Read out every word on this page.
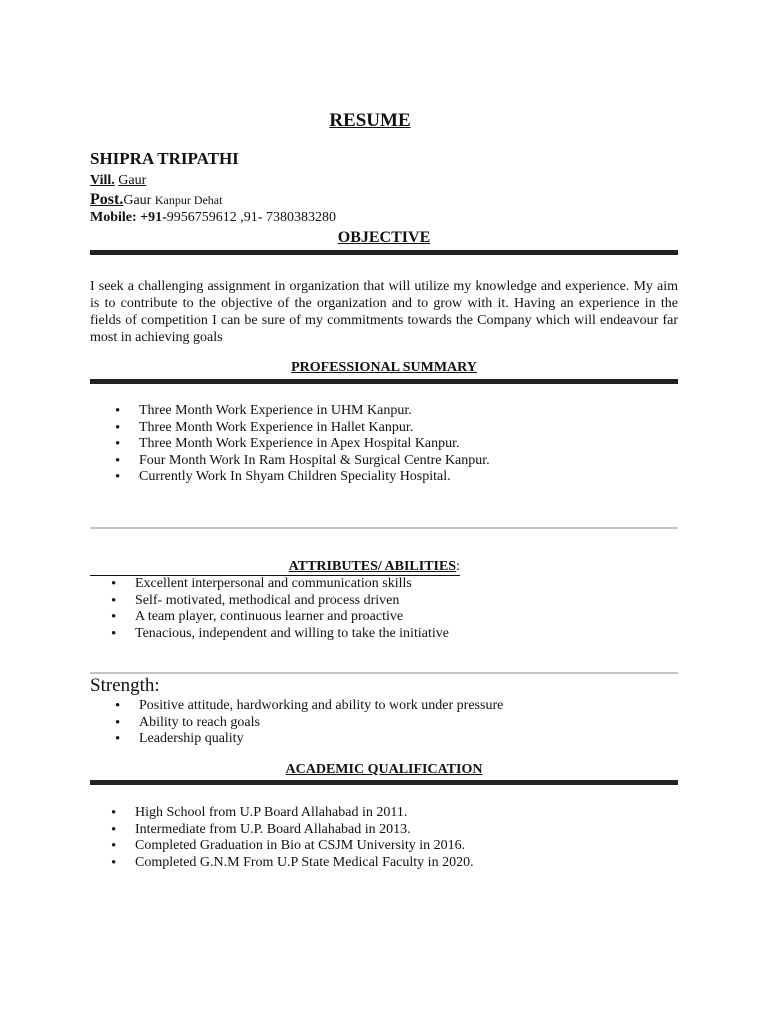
RESUME
SHIPRA TRIPATHI
Vill. Gaur
Post.Gaur Kanpur Dehat
Mobile: +91-9956759612 ,91- 7380383280
OBJECTIVE
I seek a challenging assignment in organization that will utilize my knowledge and experience. My aim is to contribute to the objective of the organization and to grow with it. Having an experience in the fields of competition I can be sure of my commitments towards the Company which will endeavour far most in achieving goals
PROFESSIONAL SUMMARY
• Three Month Work Experience in UHM Kanpur.
• Three Month Work Experience in Hallet Kanpur.
• Three Month Work Experience in Apex Hospital Kanpur.
• Four Month Work In Ram Hospital & Surgical Centre Kanpur.
• Currently Work In Shyam Children Speciality Hospital.
ATTRIBUTES/ ABILITIES:
• Excellent interpersonal and communication skills
• Self- motivated, methodical and process driven
• A team player, continuous learner and proactive
• Tenacious, independent and willing to take the initiative
Strength:
• Positive attitude, hardworking and ability to work under pressure
• Ability to reach goals
• Leadership quality
ACADEMIC QUALIFICATION
• High School from U.P Board Allahabad in 2011.
• Intermediate from U.P. Board Allahabad in 2013.
• Completed Graduation in Bio at CSJM University in 2016.
• Completed G.N.M From U.P State Medical Faculty in 2020.
